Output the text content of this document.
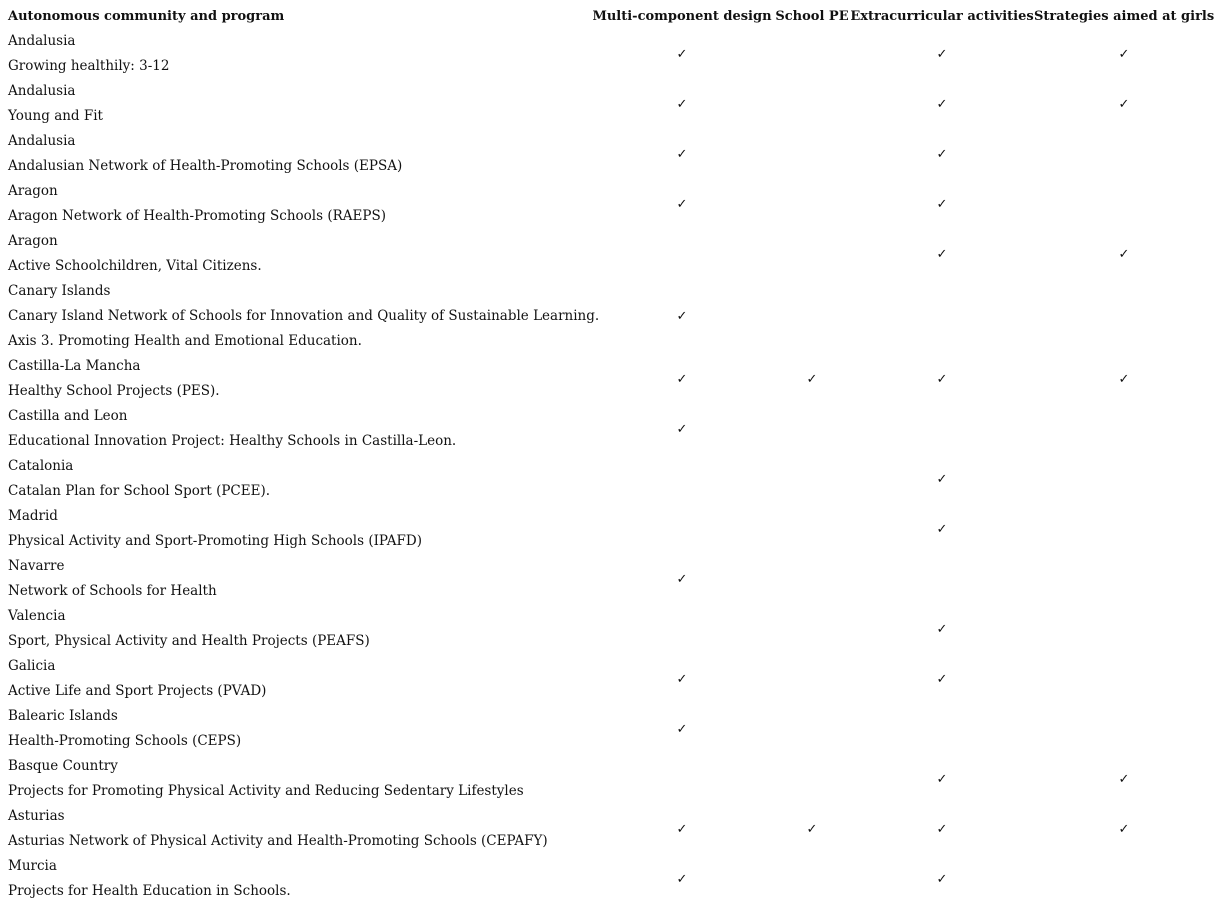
Autonomous community and program	Multi-component design	School PE	Extracurricular activities	Strategies aimed at girls

Andalusia
Growing healthily: 3-12	✓		✓	✓

Andalusia
Young and Fit	✓		✓	✓

Andalusia
Andalusian Network of Health-Promoting Schools (EPSA)	✓		✓	

Aragon
Aragon Network of Health-Promoting Schools (RAEPS)	✓		✓	

Aragon
Active Schoolchildren, Vital Citizens.			✓	✓

Canary Islands
Canary Island Network of Schools for Innovation and Quality of Sustainable Learning.
Axis 3. Promoting Health and Emotional Education.	✓			

Castilla-La Mancha
Healthy School Projects (PES).	✓	✓	✓	✓

Castilla and Leon
Educational Innovation Project: Healthy Schools in Castilla-Leon.	✓			

Catalonia
Catalan Plan for School Sport (PCEE).			✓	

Madrid
Physical Activity and Sport-Promoting High Schools (IPAFD)			✓	

Navarre
Network of Schools for Health	✓			

Valencia
Sport, Physical Activity and Health Projects (PEAFS)			✓	

Galicia
Active Life and Sport Projects (PVAD)	✓		✓	

Balearic Islands
Health-Promoting Schools (CEPS)	✓			

Basque Country
Projects for Promoting Physical Activity and Reducing Sedentary Lifestyles			✓	✓

Asturias
Asturias Network of Physical Activity and Health-Promoting Schools (CEPAFY)	✓	✓	✓	✓

Murcia
Projects for Health Education in Schools.	✓		✓	
